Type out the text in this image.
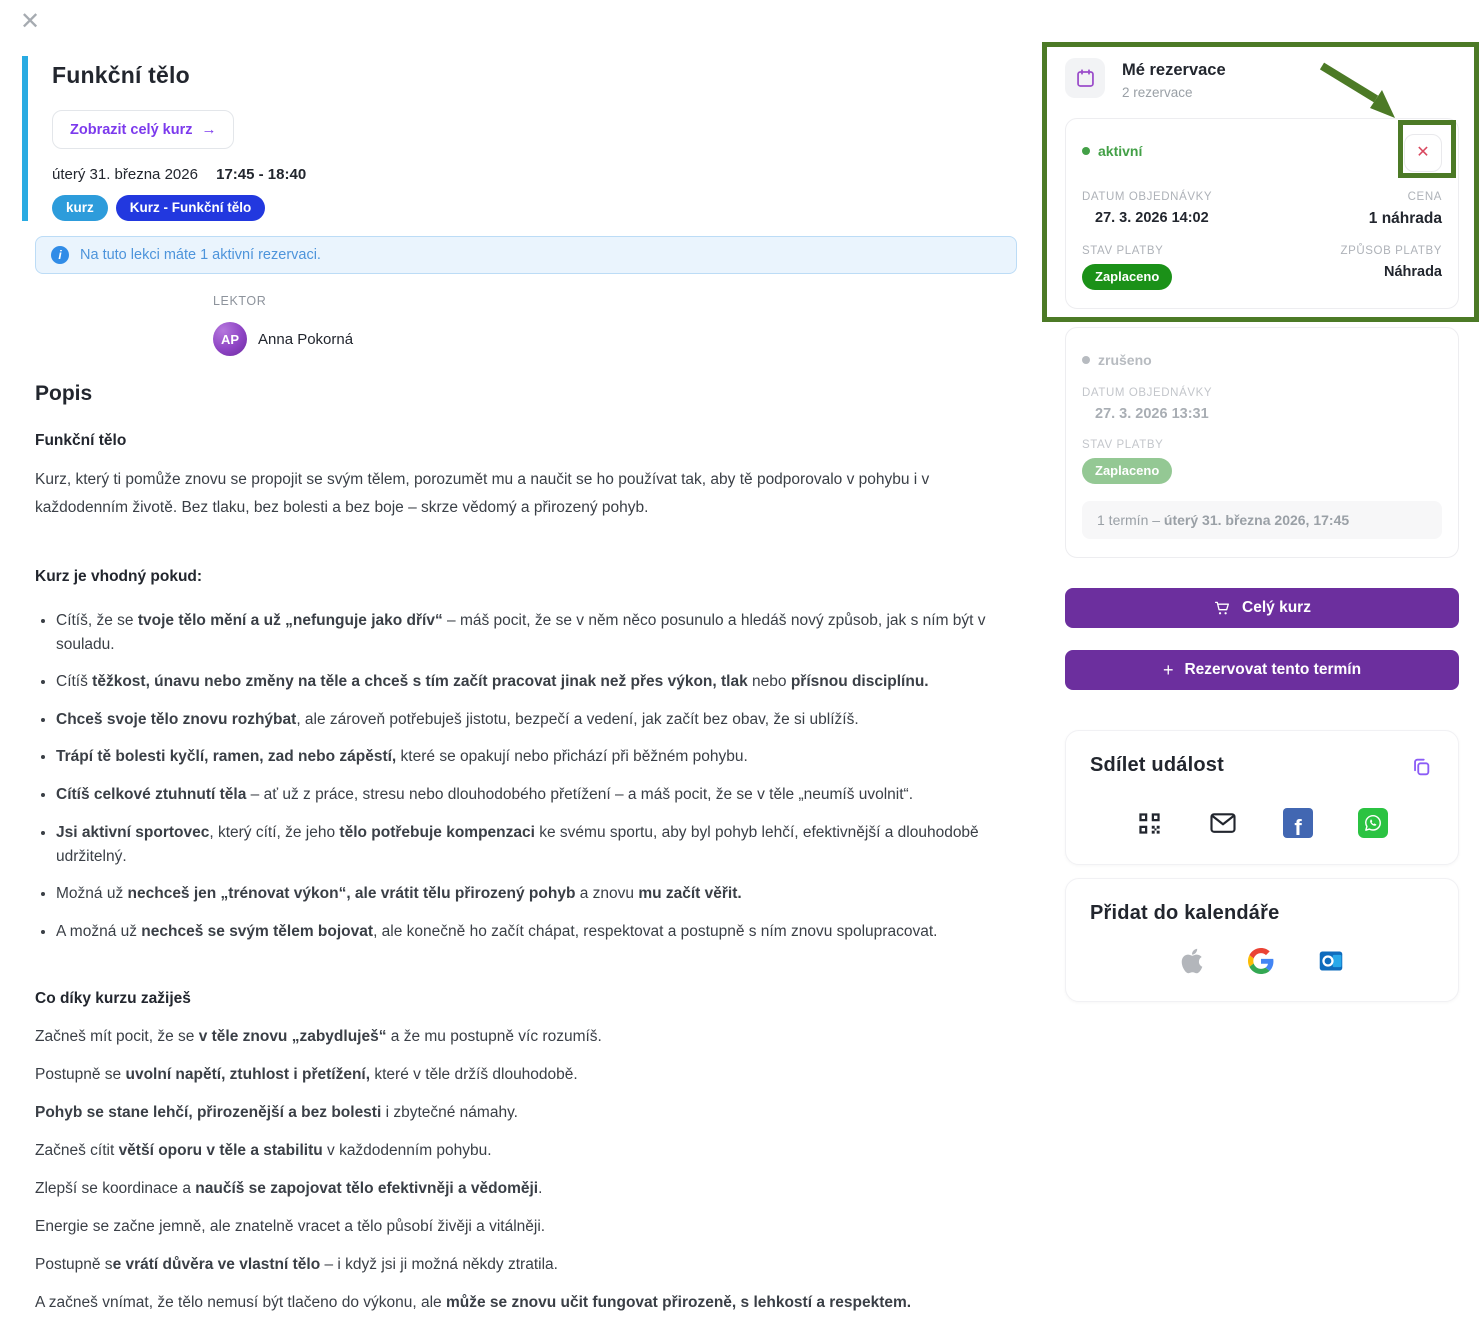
✕
Funkční tělo
Zobrazit celý kurz →
úterý 31. března 2026 17:45 - 18:40
kurz	Kurz - Funkční tělo
i	Na tuto lekci máte 1 aktivní rezervaci.
LEKTOR
AP	Anna Pokorná
Popis
Funkční tělo

Kurz, který ti pomůže znovu se propojit se svým tělem, porozumět mu a naučit se ho používat tak, aby tě podporovalo v pohybu i v každodenním životě. Bez tlaku, bez bolesti a bez boje – skrze vědomý a přirozený pohyb.

Kurz je vhodný pokud:
• Cítíš, že se tvoje tělo mění a už „nefunguje jako dřív“ – máš pocit, že se v něm něco posunulo a hledáš nový způsob, jak s ním být v souladu.
• Cítíš těžkost, únavu nebo změny na těle a chceš s tím začít pracovat jinak než přes výkon, tlak nebo přísnou disciplínu.
• Chceš svoje tělo znovu rozhýbat, ale zároveň potřebuješ jistotu, bezpečí a vedení, jak začít bez obav, že si ublížíš.
• Trápí tě bolesti kyčlí, ramen, zad nebo zápěstí, které se opakují nebo přichází při běžném pohybu.
• Cítíš celkové ztuhnutí těla – ať už z práce, stresu nebo dlouhodobého přetížení – a máš pocit, že se v těle „neumíš uvolnit“.
• Jsi aktivní sportovec, který cítí, že jeho tělo potřebuje kompenzaci ke svému sportu, aby byl pohyb lehčí, efektivnější a dlouhodobě udržitelný.
• Možná už nechceš jen „trénovat výkon“, ale vrátit tělu přirozený pohyb a znovu mu začít věřit.
• A možná už nechceš se svým tělem bojovat, ale konečně ho začít chápat, respektovat a postupně s ním znovu spolupracovat.
Co díky kurzu zažiješ

Začneš mít pocit, že se v těle znovu „zabydluješ“ a že mu postupně víc rozumíš.

Postupně se uvolní napětí, ztuhlost i přetížení, které v těle držíš dlouhodobě.

Pohyb se stane lehčí, přirozenější a bez bolesti i zbytečné námahy.

Začneš cítit větší oporu v těle a stabilitu v každodenním pohybu.

Zlepší se koordinace a naučíš se zapojovat tělo efektivněji a vědoměji.

Energie se začne jemně, ale znatelně vracet a tělo působí živěji a vitálněji.

Postupně se vrátí důvěra ve vlastní tělo – i když jsi ji možná někdy ztratila.

A začneš vnímat, že tělo nemusí být tlačeno do výkonu, ale může se znovu učit fungovat přirozeně, s lehkostí a respektem.

Mé rezervace
2 rezervace
aktivní	✕
DATUM OBJEDNÁVKY
27. 3. 2026 14:02
CENA
1 náhrada
STAV PLATBY
Zaplaceno
ZPŮSOB PLATBY
Náhrada
zrušeno
DATUM OBJEDNÁVKY
27. 3. 2026 13:31
STAV PLATBY
Zaplaceno
1 termín – úterý 31. března 2026, 17:45
Celý kurz
+ Rezervovat tento termín
Sdílet událost
f
Přidat do kalendáře
